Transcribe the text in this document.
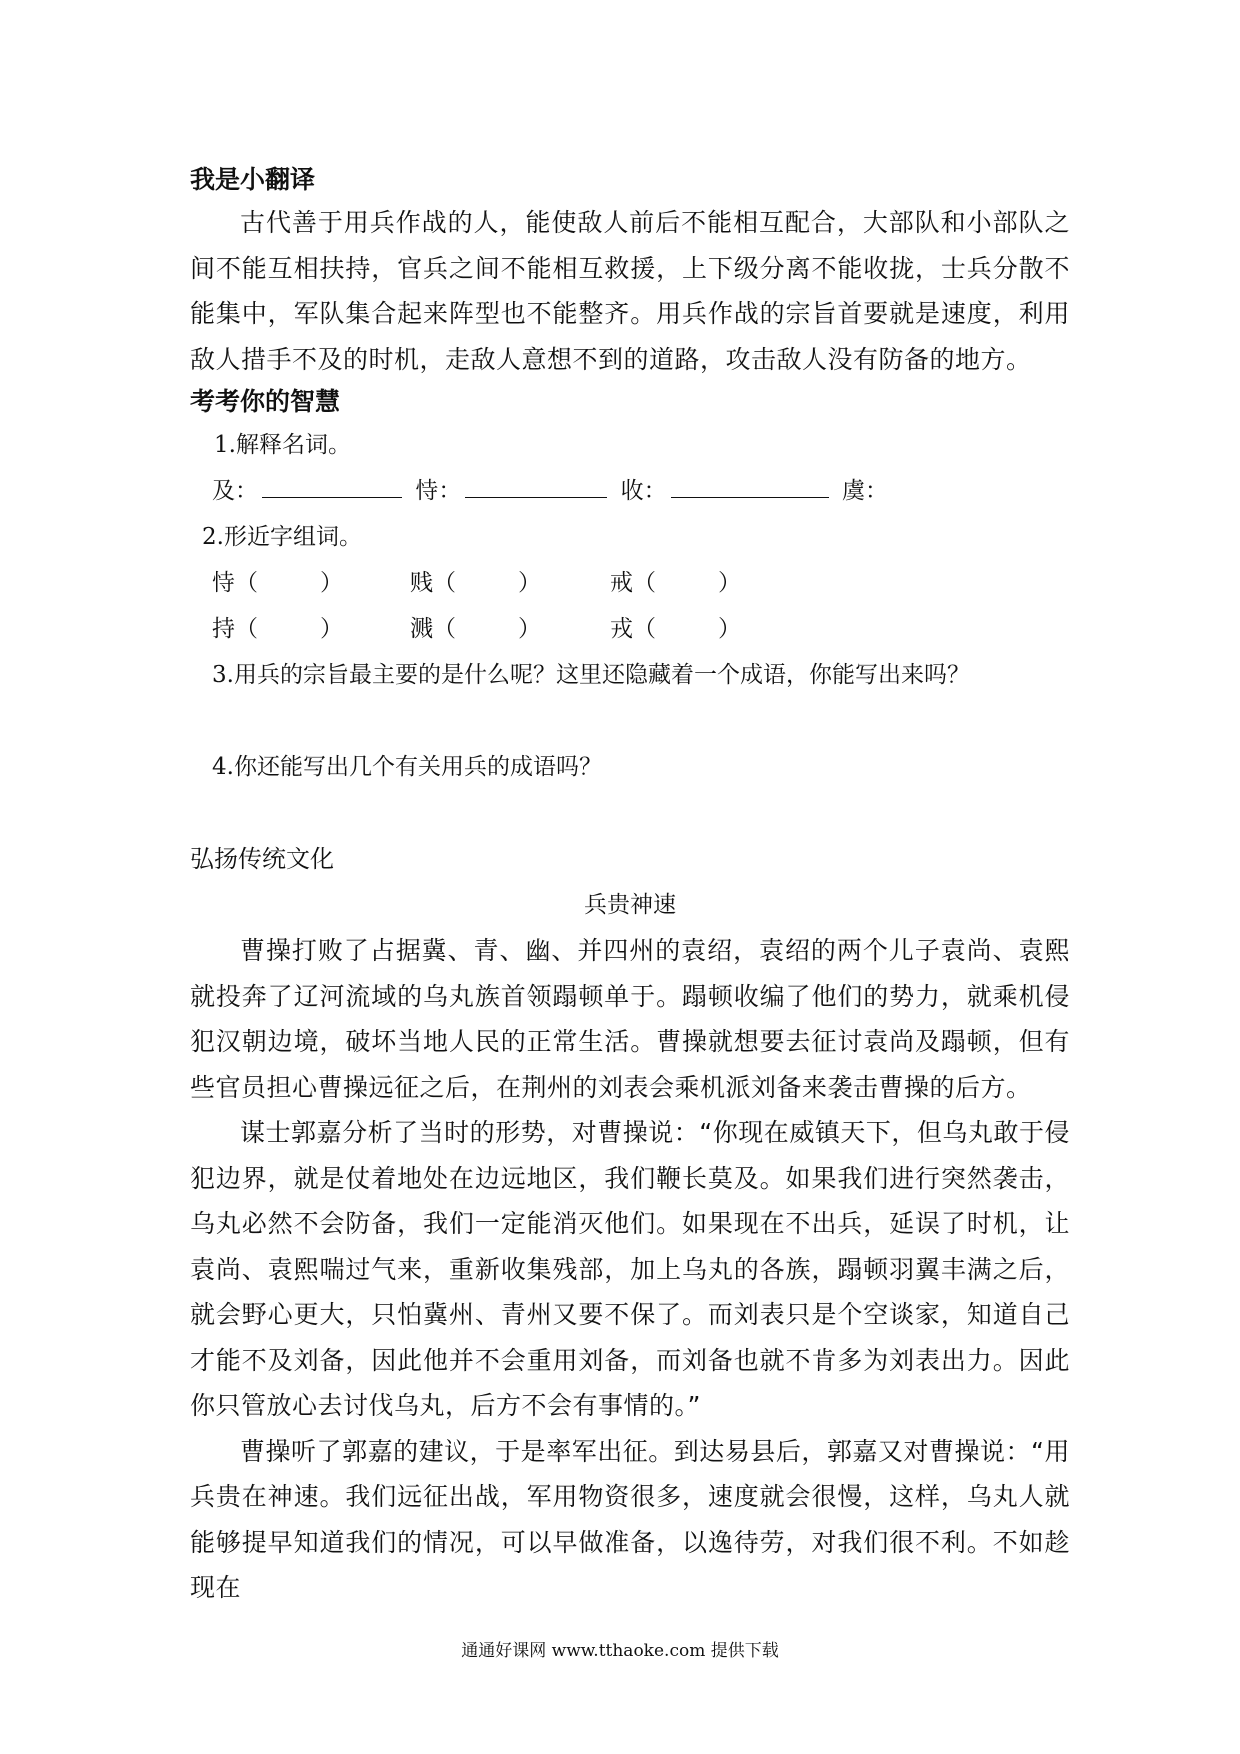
我是小翻译

古代善于用兵作战的人，能使敌人前后不能相互配合，大部队和小部队之间不能互相扶持，官兵之间不能相互救援，上下级分离不能收拢，士兵分散不能集中，军队集合起来阵型也不能整齐。用兵作战的宗旨首要就是速度，利用敌人措手不及的时机，走敌人意想不到的道路，攻击敌人没有防备的地方。

考考你的智慧

1.解释名词。

及：	恃：	收：	虞：

2.形近字组词。

恃（	）	贱（	）	戒（	）

持（	）	溅（	）	戎（	）

3.用兵的宗旨最主要的是什么呢？这里还隐藏着一个成语，你能写出来吗？

4.你还能写出几个有关用兵的成语吗？

弘扬传统文化

兵贵神速

曹操打败了占据冀、青、幽、并四州的袁绍，袁绍的两个儿子袁尚、袁熙就投奔了辽河流域的乌丸族首领蹋顿单于。蹋顿收编了他们的势力，就乘机侵犯汉朝边境，破坏当地人民的正常生活。曹操就想要去征讨袁尚及蹋顿，但有些官员担心曹操远征之后，在荆州的刘表会乘机派刘备来袭击曹操的后方。

谋士郭嘉分析了当时的形势，对曹操说：“你现在威镇天下，但乌丸敢于侵犯边界，就是仗着地处在边远地区，我们鞭长莫及。如果我们进行突然袭击，乌丸必然不会防备，我们一定能消灭他们。如果现在不出兵，延误了时机，让袁尚、袁熙喘过气来，重新收集残部，加上乌丸的各族，蹋顿羽翼丰满之后，就会野心更大，只怕冀州、青州又要不保了。而刘表只是个空谈家，知道自己才能不及刘备，因此他并不会重用刘备，而刘备也就不肯多为刘表出力。因此你只管放心去讨伐乌丸，后方不会有事情的。”

曹操听了郭嘉的建议，于是率军出征。到达易县后，郭嘉又对曹操说：“用兵贵在神速。我们远征出战，军用物资很多，速度就会很慢，这样，乌丸人就能够提早知道我们的情况，可以早做准备，以逸待劳，对我们很不利。不如趁现在

通通好课网 www.tthaoke.com 提供下载
